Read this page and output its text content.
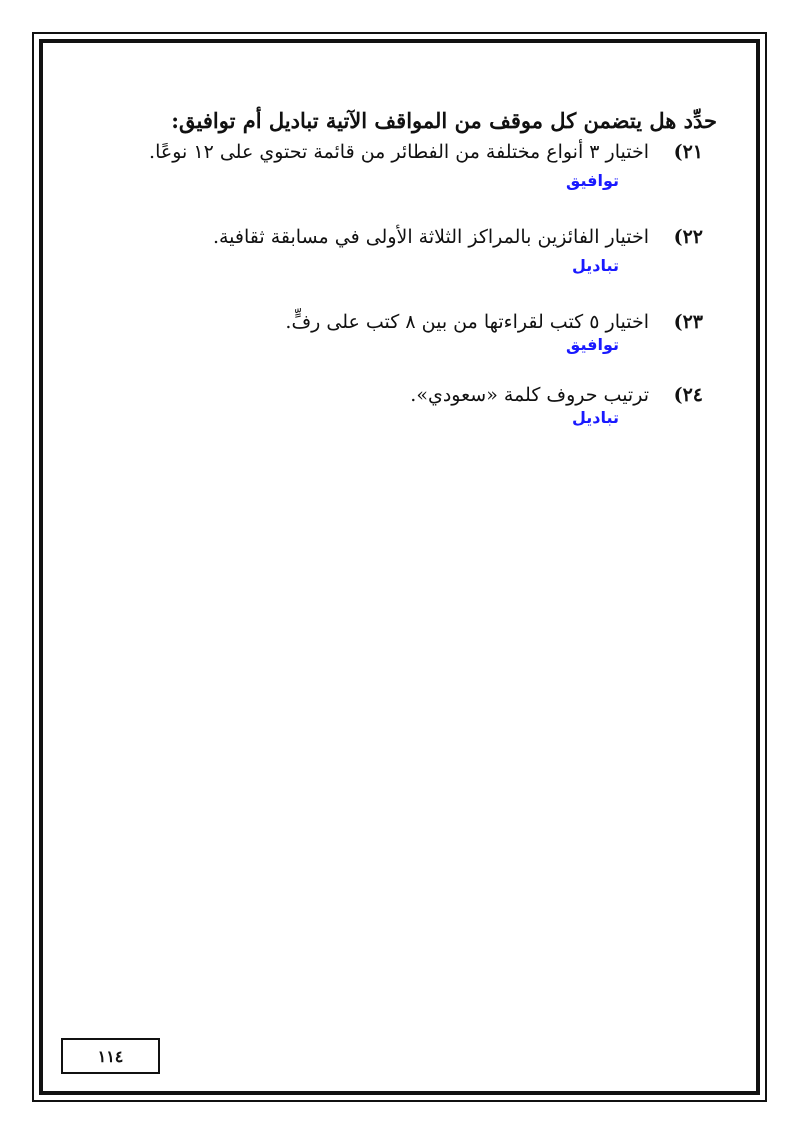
حدِّد هل يتضمن كل موقف من المواقف الآتية تباديل أم توافيق:
٢١)
اختيار ٣ أنواع مختلفة من الفطائر من قائمة تحتوي على ١٢ نوعًا.
توافيق
٢٢)
اختيار الفائزين بالمراكز الثلاثة الأولى في مسابقة ثقافية.
تباديل
٢٣)
اختيار ٥ كتب لقراءتها من بين ٨ كتب على رفٍّ.
توافيق
٢٤)
ترتيب حروف كلمة «سعودي».
تباديل
١١٤
